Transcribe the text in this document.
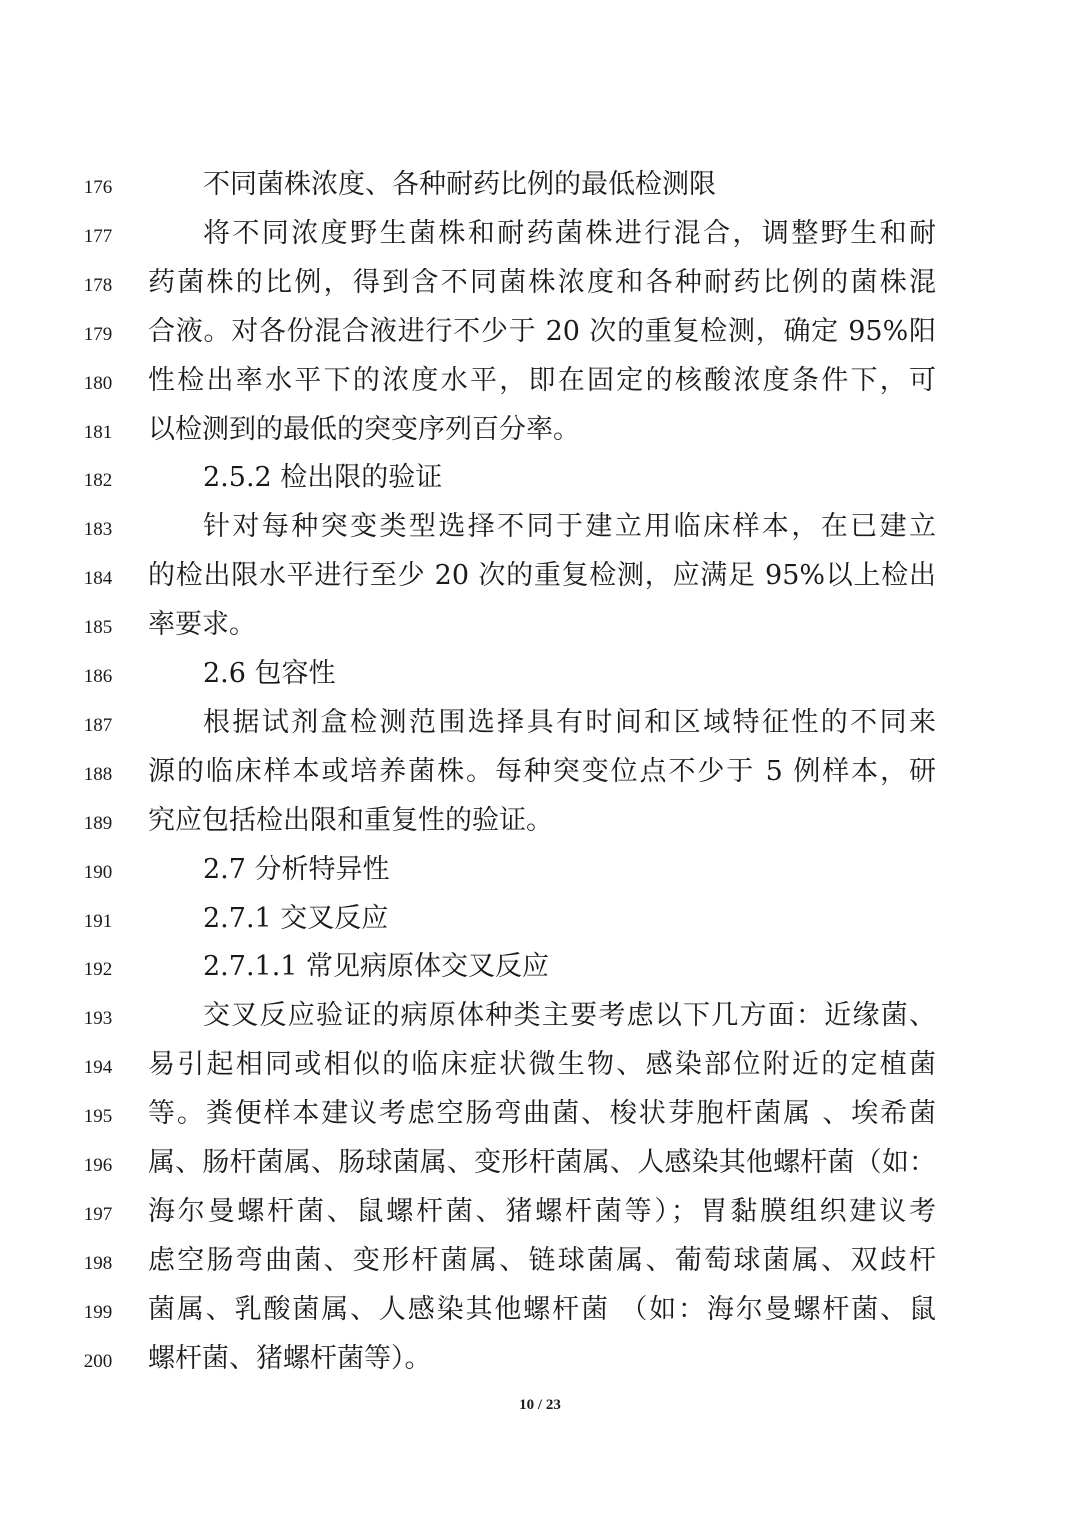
176	不同菌株浓度、各种耐药比例的最低检测限
177	将不同浓度野生菌株和耐药菌株进行混合，调整野生和耐
178	药菌株的比例，得到含不同菌株浓度和各种耐药比例的菌株混
179	合液。对各份混合液进行不少于 20 次的重复检测，确定 95%阳
180	性检出率水平下的浓度水平，即在固定的核酸浓度条件下，可
181	以检测到的最低的突变序列百分率。
182	2.5.2 检出限的验证
183	针对每种突变类型选择不同于建立用临床样本，在已建立
184	的检出限水平进行至少 20 次的重复检测，应满足 95%以上检出
185	率要求。
186	2.6 包容性
187	根据试剂盒检测范围选择具有时间和区域特征性的不同来
188	源的临床样本或培养菌株。每种突变位点不少于 5 例样本，研
189	究应包括检出限和重复性的验证。
190	2.7 分析特异性
191	2.7.1 交叉反应
192	2.7.1.1 常见病原体交叉反应
193	交叉反应验证的病原体种类主要考虑以下几方面：近缘菌、
194	易引起相同或相似的临床症状微生物、感染部位附近的定植菌
195	等。粪便样本建议考虑空肠弯曲菌、梭状芽胞杆菌属 、埃希菌
196	属、肠杆菌属、肠球菌属、变形杆菌属、人感染其他螺杆菌（如：
197	海尔曼螺杆菌、鼠螺杆菌、猪螺杆菌等）；胃黏膜组织建议考
198	虑空肠弯曲菌、变形杆菌属、链球菌属、葡萄球菌属、双歧杆
199	菌属、乳酸菌属、人感染其他螺杆菌 （如：海尔曼螺杆菌、鼠
200	螺杆菌、猪螺杆菌等）。
10 / 23
